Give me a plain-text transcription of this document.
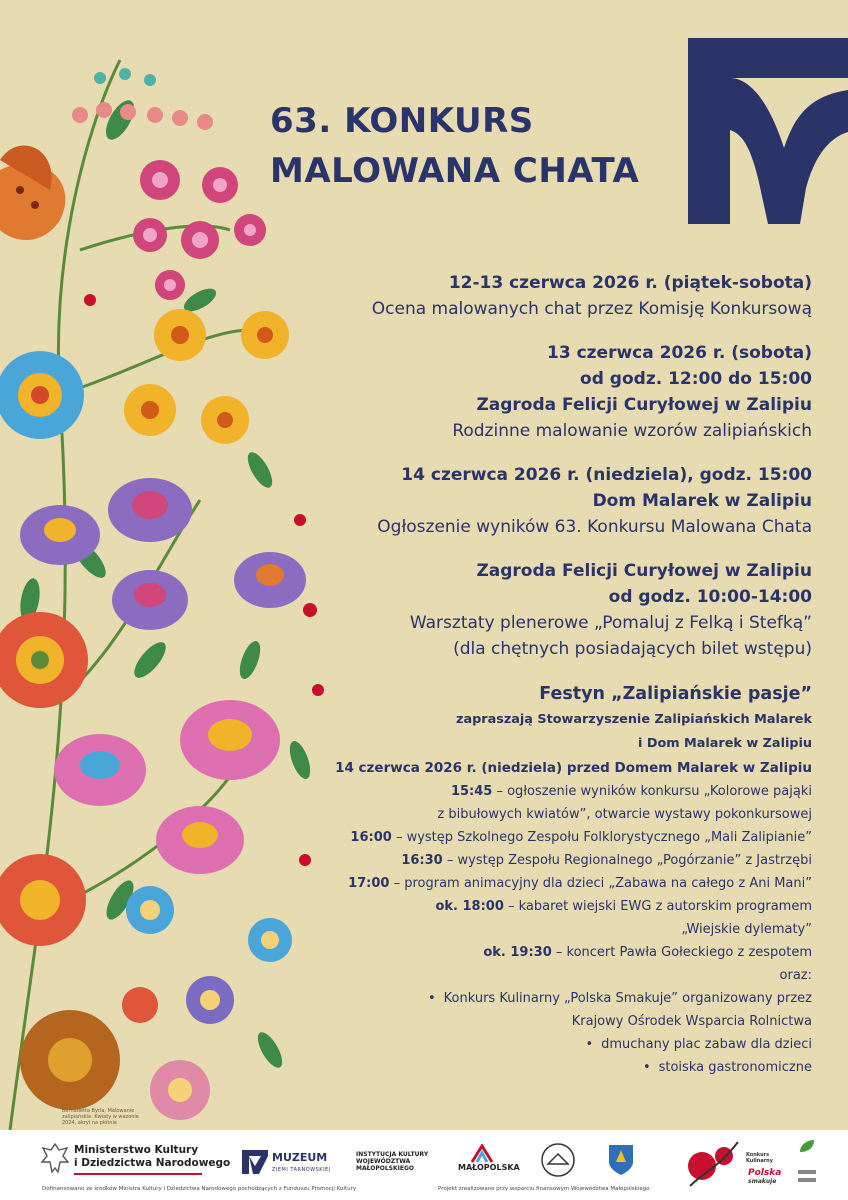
63. KONKURS
MALOWANA CHATA
12-13 czerwca 2026 r. (piątek-sobota)
Ocena malowanych chat przez Komisję Konkursową
13 czerwca 2026 r. (sobota)
od godz. 12:00 do 15:00
Zagroda Felicji Curyłowej w Zalipiu
Rodzinne malowanie wzorów zalipiańskich
14 czerwca 2026 r. (niedziela), godz. 15:00
Dom Malarek w Zalipiu
Ogłoszenie wyników 63. Konkursu Malowana Chata
Zagroda Felicji Curyłowej w Zalipiu
od godz. 10:00-14:00
Warsztaty plenerowe „Pomaluj z Felką i Stefką”
(dla chętnych posiadających bilet wstępu)
Festyn „Zalipiańskie pasje”
zapraszają Stowarzyszenie Zalipiańskich Malarek
i Dom Malarek w Zalipiu
14 czerwca 2026 r. (niedziela) przed Domem Malarek w Zalipiu
15:45 – ogłoszenie wyników konkursu „Kolorowe pająki
z bibułowych kwiatów”, otwarcie wystawy pokonkursowej
16:00 – występ Szkolnego Zespołu Folklorystycznego „Mali Zalipianie”
16:30 – występ Zespołu Regionalnego „Pogórzanie” z Jastrzębi
17:00 – program animacyjny dla dzieci „Zabawa na całego z Ani Mani”
ok. 18:00 – kabaret wiejski EWG z autorskim programem
„Wiejskie dylematy”
ok. 19:30 – koncert Pawła Gołeckiego z zespotem
oraz:
• Konkurs Kulinarny „Polska Smakuje” organizowany przez
Krajowy Ośrodek Wsparcia Rolnictwa
• dmuchany plac zabaw dla dzieci
• stoiska gastronomiczne
Bernadetta Byrla, Malowanie zalipiańskie. Kwiaty w wazonie 2024, akryl na płótnie
Ministerstwo Kultury
i Dziedzictwa Narodowego
Dofinansowano ze środków Ministra Kultury i Dziedzictwa Narodowego pochodzących z Funduszu Promocji Kultury
MUZEUM
ZIEMI TARNOWSKIEJ
INSTYTUCJA KULTURY
WOJEWÓDZTWA
MAŁOPOLSKIEGO	MAŁOPOLSKA
Projekt zrealizowano przy wsparciu finansowym Województwa Małopolskiego
Konkurs
Kulinarny
Polska
smakuje
